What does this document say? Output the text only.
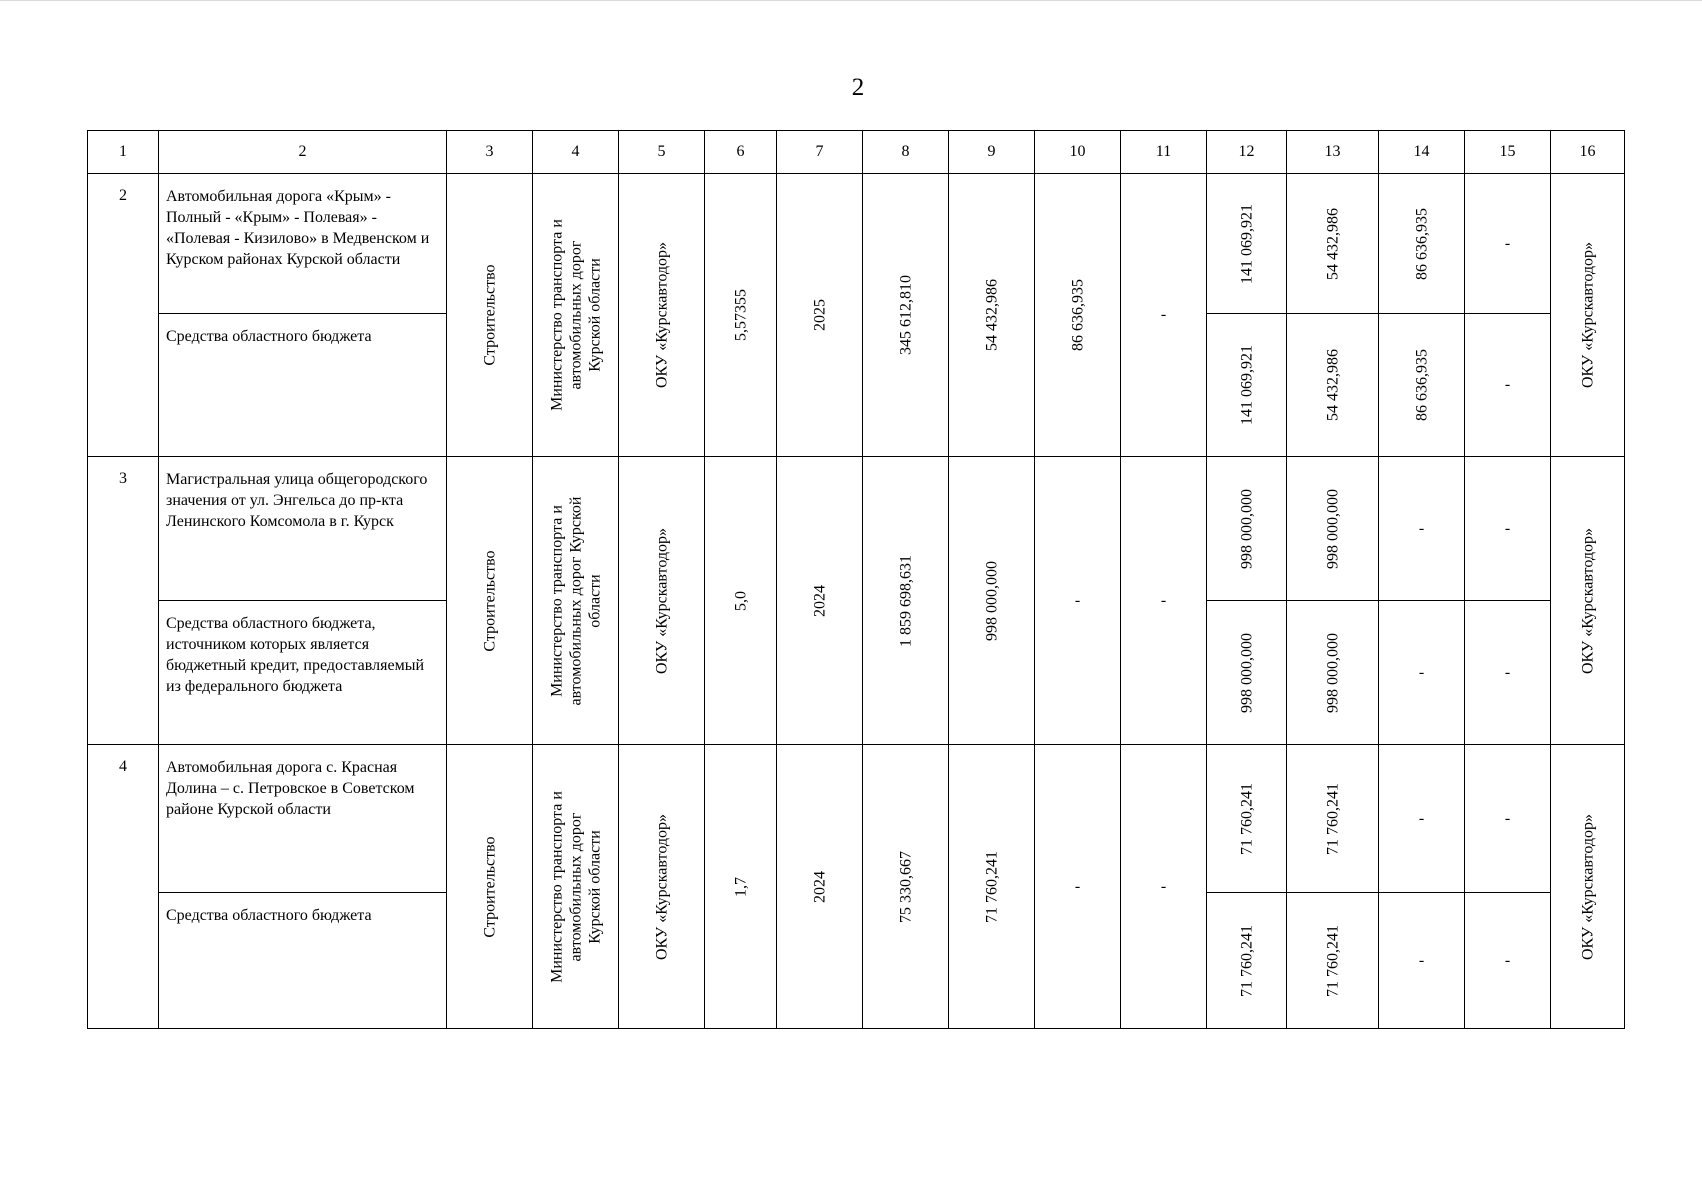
2
1	2	3	4	5	6	7	8	9	10	11	12	13	14	15	16
2	Автомобильная дорога «Крым» - Полный - «Крым» - Полевая» - «Полевая - Кизилово» в Медвенском и Курском районах Курской области	Строительство	Министерство транспорта и автомобильных дорог Курской области	ОКУ «Курскавтодор»	5,57355	2025	345 612,810	54 432,986	86 636,935	-	141 069,921	54 432,986	86 636,935	-	ОКУ «Курскавтодор»

	Средства областного бюджета										141 069,921	54 432,986	86 636,935	-	

3	Магистральная улица общегородского значения от ул. Энгельса до пр-кта Ленинского Комсомола в г. Курск	Строительство	Министерство транспорта и автомобильных дорог Курской области	ОКУ «Курскавтодор»	5,0	2024	1 859 698,631	998 000,000	-	-	998 000,000	998 000,000	-	-	ОКУ «Курскавтодор»

	Средства областного бюджета, источником которых является бюджетный кредит, предоставляемый из федерального бюджета										998 000,000	998 000,000	-	-	

4	Автомобильная дорога с. Красная Долина – с. Петровское в Советском районе Курской области	Строительство	Министерство транспорта и автомобильных дорог Курской области	ОКУ «Курскавтодор»	1,7	2024	75 330,667	71 760,241	-	-	71 760,241	71 760,241	-	-	ОКУ «Курскавтодор»

	Средства областного бюджета										71 760,241	71 760,241	-	-	
